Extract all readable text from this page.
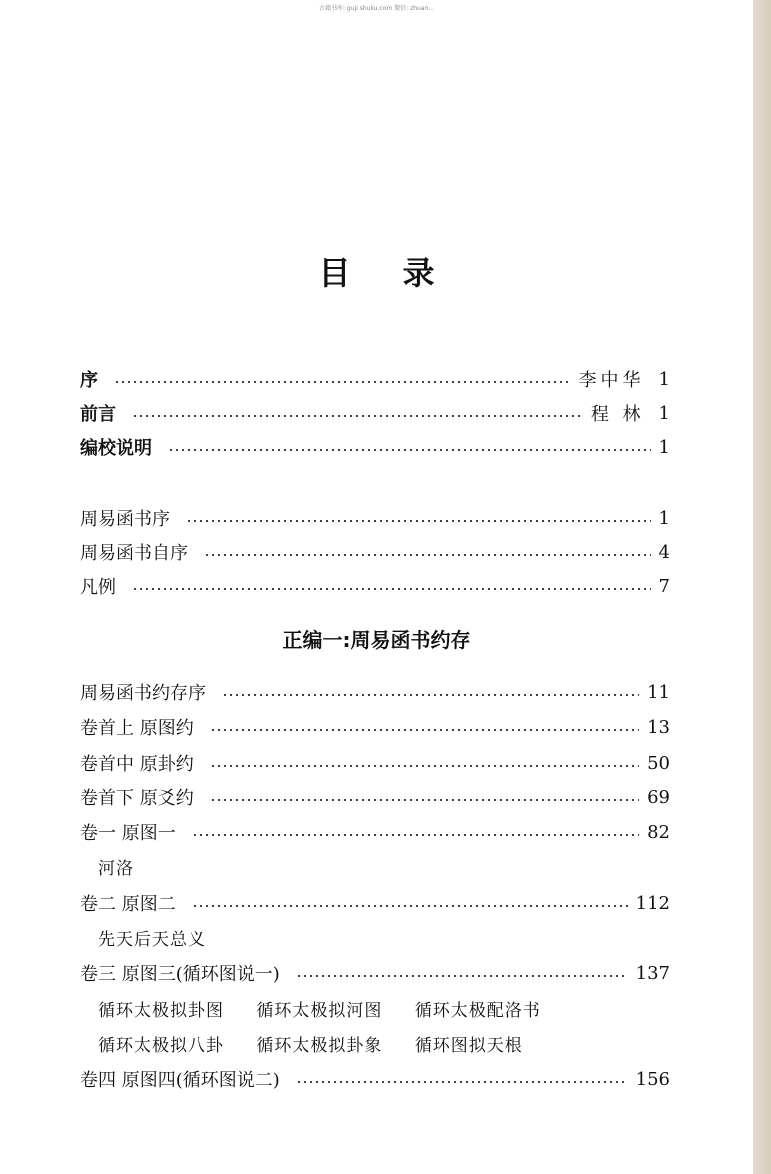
古籍书库: guji shuku.com 微信: zhuan...
目录
序	李中华 1
前言	程 林 1
编校说明	1
周易函书序	1
周易函书自序	4
凡例	7
正编一:周易函书约存
周易函书约存序	11
卷首上 原图约	13
卷首中 原卦约	50
卷首下 原爻约	69
卷一 原图一	82
河洛
卷二 原图二	112
先天后天总义
卷三 原图三(循环图说一)	137
循环太极拟卦图 循环太极拟河图 循环太极配洛书
循环太极拟八卦 循环太极拟卦象 循环图拟天根
卷四 原图四(循环图说二)	156
